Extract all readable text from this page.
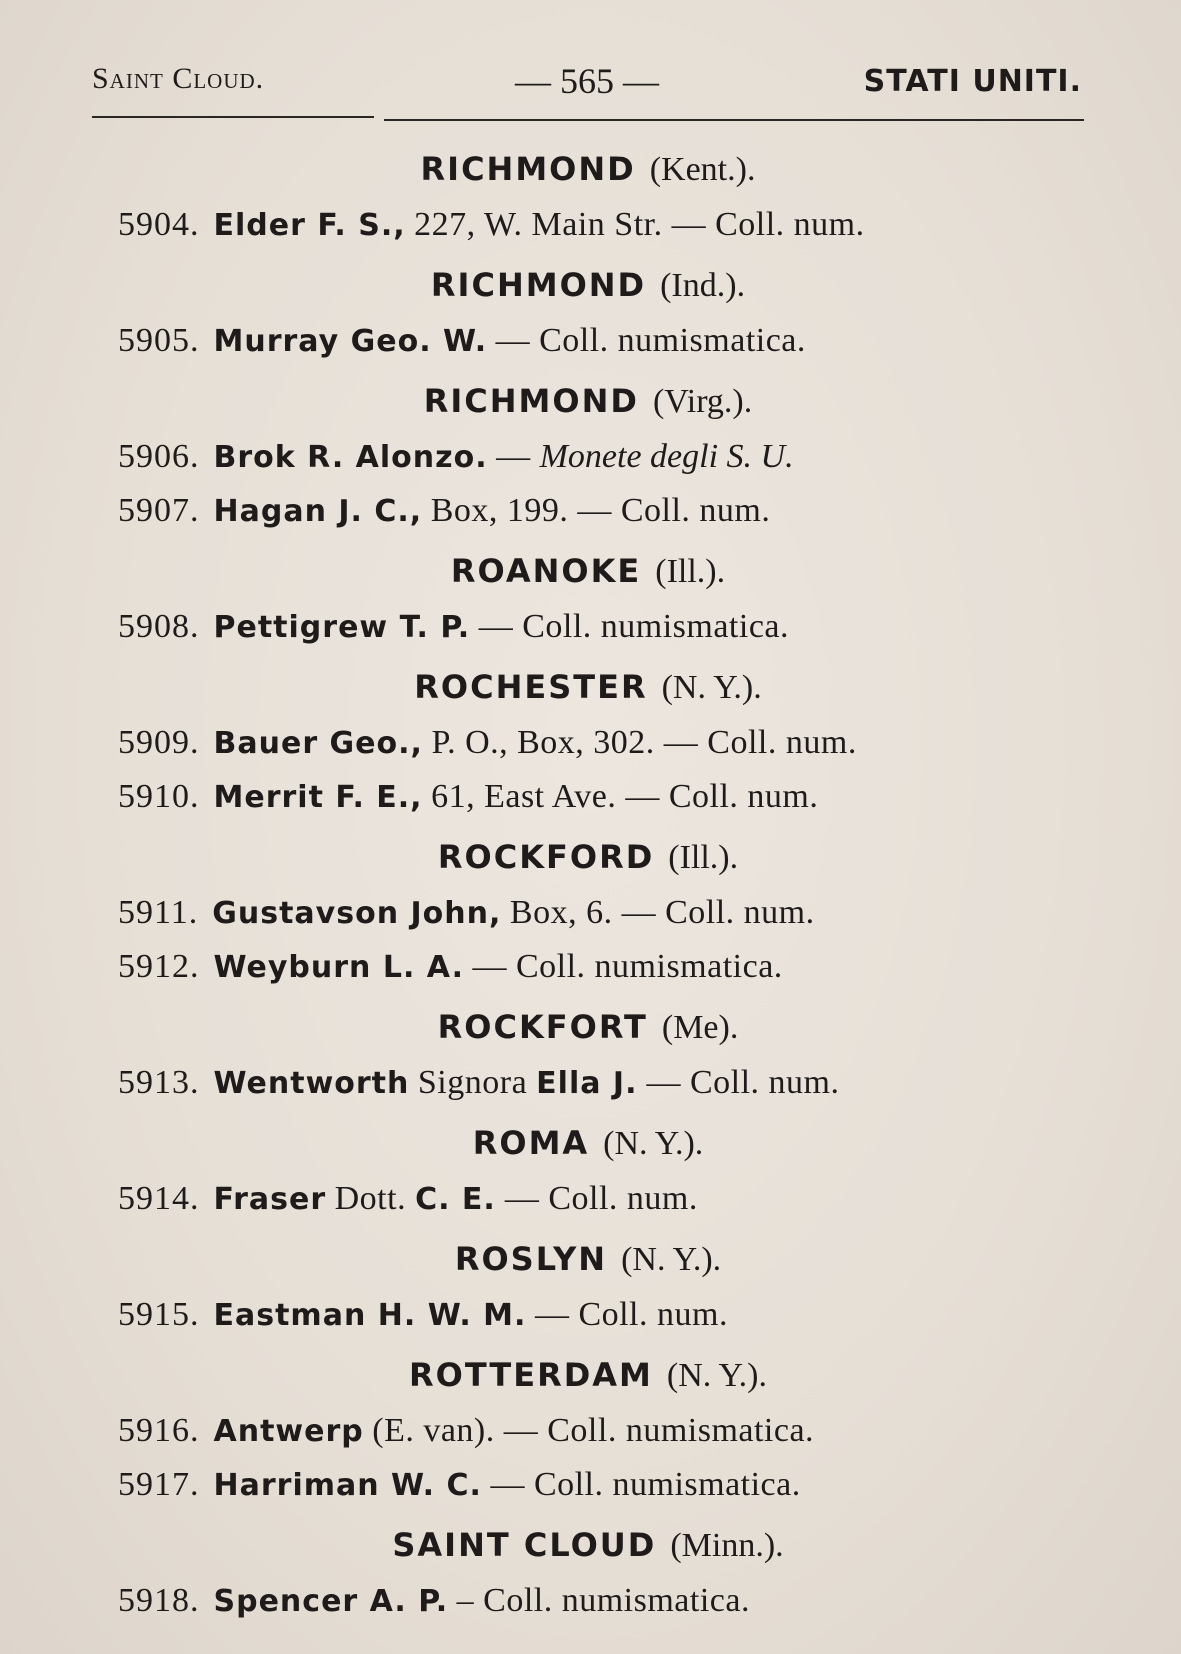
Saint Cloud.	— 565 —	STATI UNITI.
RICHMOND (Kent.).
5904. Elder F. S., 227, W. Main Str. — Coll. num.
RICHMOND (Ind.).
5905. Murray Geo. W. — Coll. numismatica.
RICHMOND (Virg.).
5906. Brok R. Alonzo. — Monete degli S. U.
5907. Hagan J. C., Box, 199. — Coll. num.
ROANOKE (Ill.).
5908. Pettigrew T. P. — Coll. numismatica.
ROCHESTER (N. Y.).
5909. Bauer Geo., P. O., Box, 302. — Coll. num.
5910. Merrit F. E., 61, East Ave. — Coll. num.
ROCKFORD (Ill.).
5911. Gustavson John, Box, 6. — Coll. num.
5912. Weyburn L. A. — Coll. numismatica.
ROCKFORT (Me).
5913. Wentworth Signora Ella J. — Coll. num.
ROMA (N. Y.).
5914. Fraser Dott. C. E. — Coll. num.
ROSLYN (N. Y.).
5915. Eastman H. W. M. — Coll. num.
ROTTERDAM (N. Y.).
5916. Antwerp (E. van). — Coll. numismatica.
5917. Harriman W. C. — Coll. numismatica.
SAINT CLOUD (Minn.).
5918. Spencer A. P. – Coll. numismatica.
